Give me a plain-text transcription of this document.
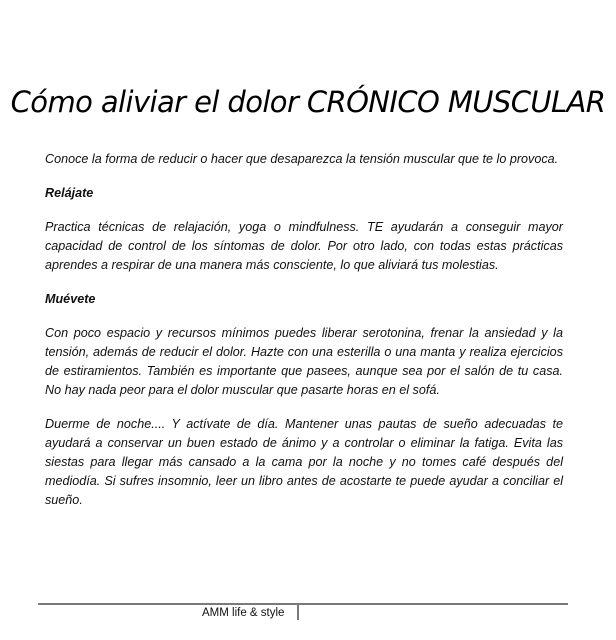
Cómo aliviar el dolor CRÓNICO MUSCULAR

Conoce la forma de reducir o hacer que desaparezca la tensión muscular que te lo provoca.

Relájate

Practica técnicas de relajación, yoga o mindfulness. TE ayudarán a conseguir mayor capacidad de control de los síntomas de dolor. Por otro lado, con todas estas prácticas aprendes a respirar de una manera más consciente, lo que aliviará tus molestias.

Muévete

Con poco espacio y recursos mínimos puedes liberar serotonina, frenar la ansiedad y la tensión, además de reducir el dolor. Hazte con una esterilla o una manta y realiza ejercicios de estiramientos. También es importante que pasees, aunque sea por el salón de tu casa. No hay nada peor para el dolor muscular que pasarte horas en el sofá.

Duerme de noche.... Y actívate de día. Mantener unas pautas de sueño adecuadas te ayudará a conservar un buen estado de ánimo y a controlar o eliminar la fatiga. Evita las siestas para llegar más cansado a la cama por la noche y no tomes café después del mediodía. Si sufres insomnio, leer un libro antes de acostarte te puede ayudar a conciliar el sueño.

AMM life & style
